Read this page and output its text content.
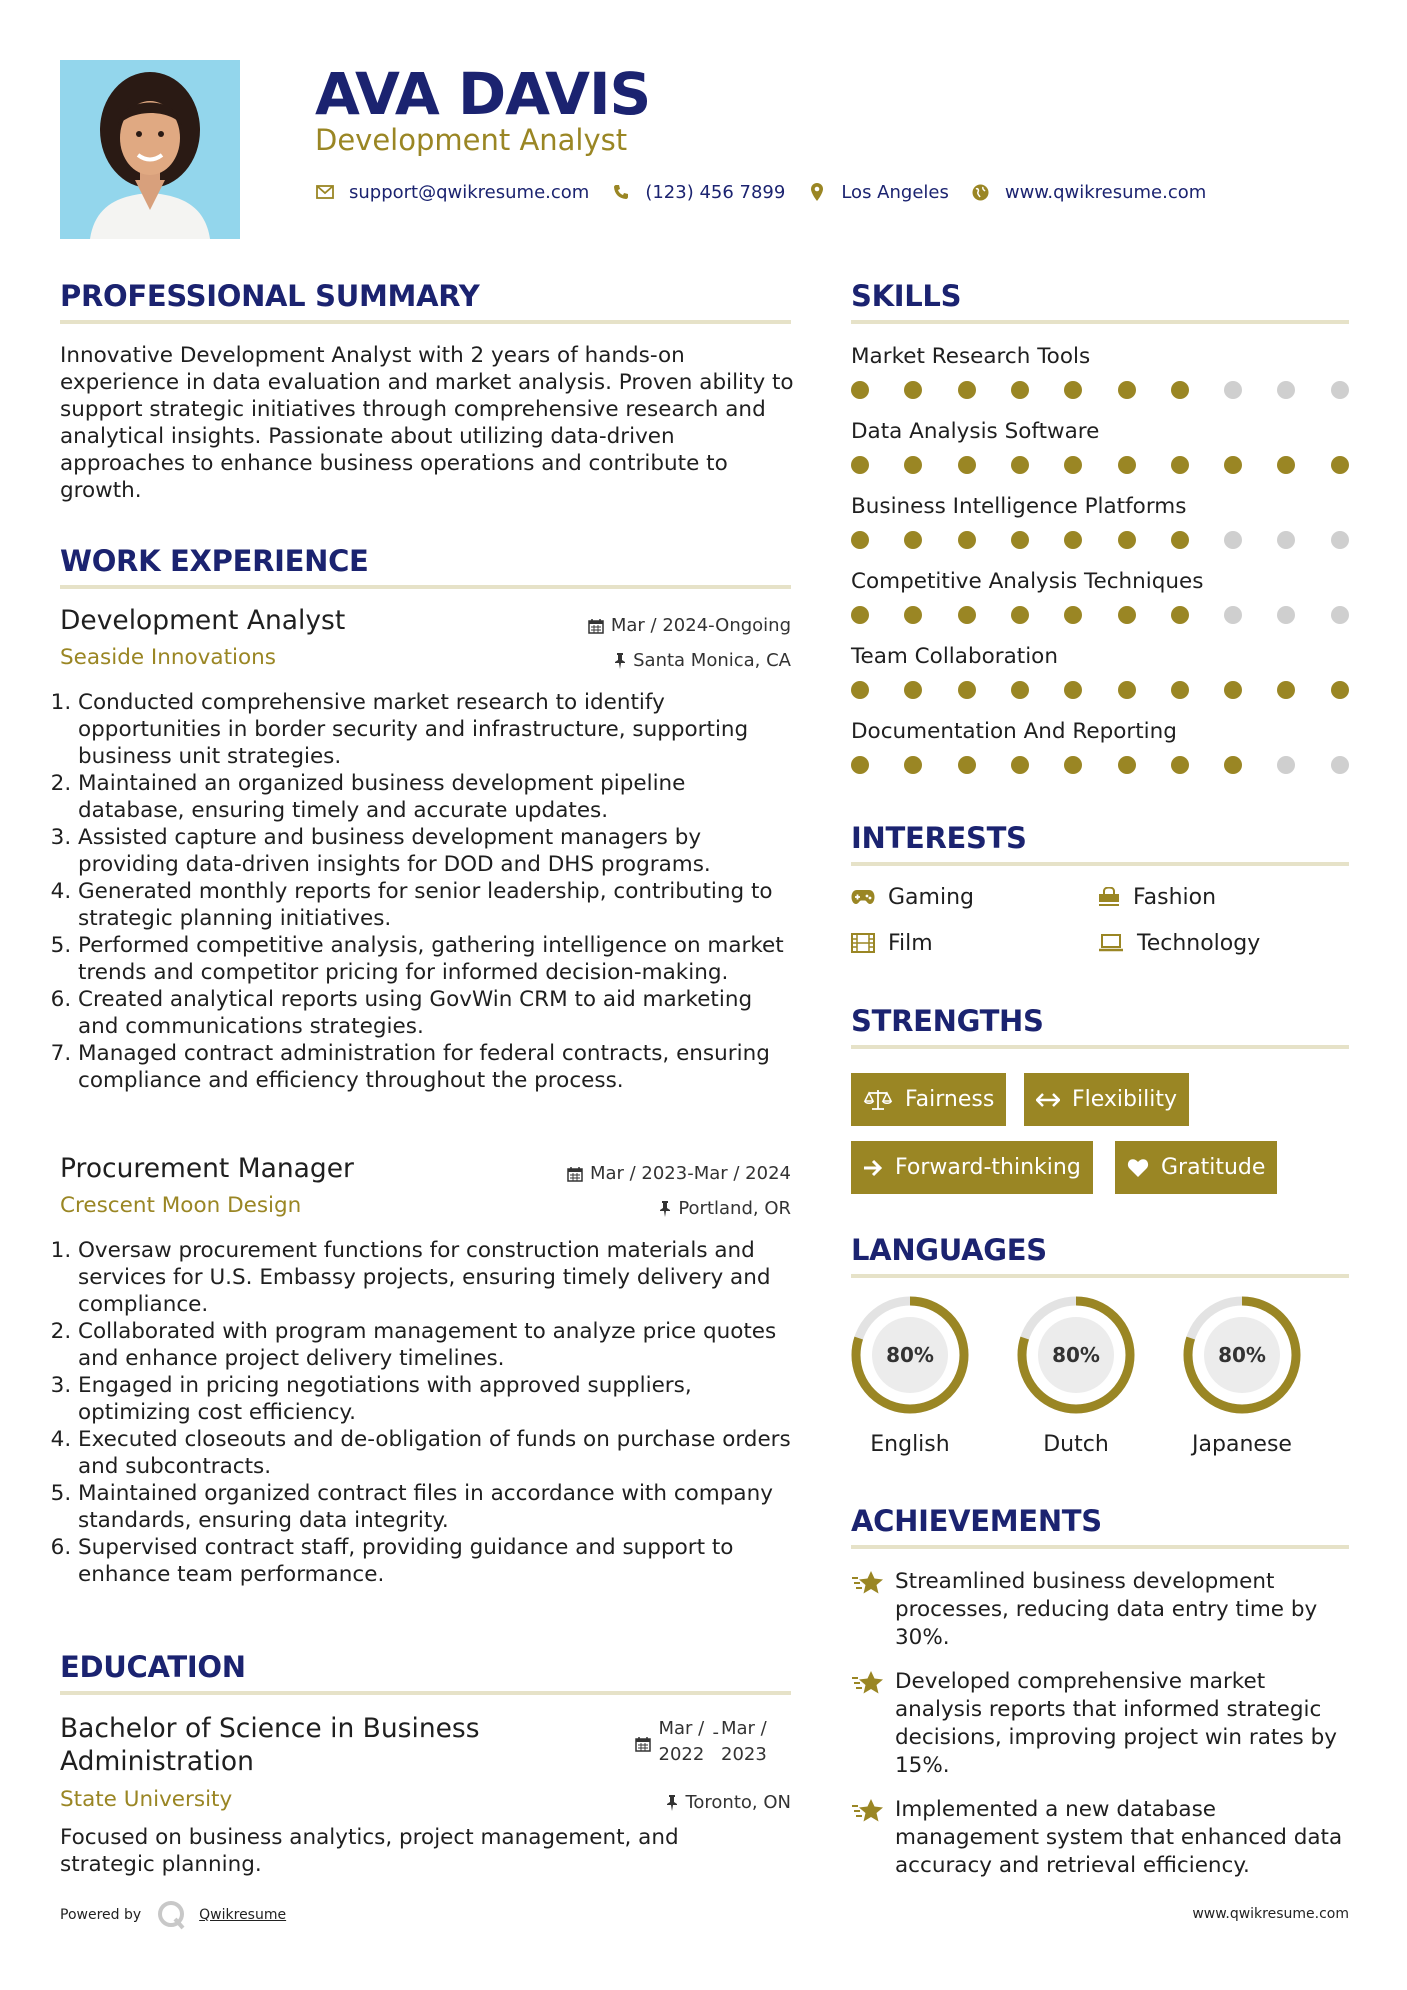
AVA DAVIS
Development Analyst
support@qwikresume.com	(123) 456 7899	Los Angeles	www.qwikresume.com
PROFESSIONAL SUMMARY
Innovative Development Analyst with 2 years of hands-on experience in data evaluation and market analysis. Proven ability to support strategic initiatives through comprehensive research and analytical insights. Passionate about utilizing data-driven approaches to enhance business operations and contribute to growth.
WORK EXPERIENCE
Development Analyst	Mar / 2024-Ongoing
Seaside Innovations	Santa Monica, CA
1. Conducted comprehensive market research to identify opportunities in border security and infrastructure, supporting business unit strategies.
2. Maintained an organized business development pipeline database, ensuring timely and accurate updates.
3. Assisted capture and business development managers by providing data-driven insights for DOD and DHS programs.
4. Generated monthly reports for senior leadership, contributing to strategic planning initiatives.
5. Performed competitive analysis, gathering intelligence on market trends and competitor pricing for informed decision-making.
6. Created analytical reports using GovWin CRM to aid marketing and communications strategies.
7. Managed contract administration for federal contracts, ensuring compliance and efficiency throughout the process.
Procurement Manager	Mar / 2023-Mar / 2024
Crescent Moon Design	Portland, OR
1. Oversaw procurement functions for construction materials and services for U.S. Embassy projects, ensuring timely delivery and compliance.
2. Collaborated with program management to analyze price quotes and enhance project delivery timelines.
3. Engaged in pricing negotiations with approved suppliers, optimizing cost efficiency.
4. Executed closeouts and de-obligation of funds on purchase orders and subcontracts.
5. Maintained organized contract files in accordance with company standards, ensuring data integrity.
6. Supervised contract staff, providing guidance and support to enhance team performance.
EDUCATION
Bachelor of Science in Business Administration
Mar / 2022
- Mar / 2023
State University	Toronto, ON
Focused on business analytics, project management, and strategic planning.
SKILLS
Market Research Tools
Data Analysis Software
Business Intelligence Platforms
Competitive Analysis Techniques
Team Collaboration
Documentation And Reporting
INTERESTS
Gaming	Fashion
Film	Technology
STRENGTHS
Fairness	Flexibility
Forward-thinking	Gratitude
LANGUAGES
80%
English
80%
Dutch
80%
Japanese
ACHIEVEMENTS
Streamlined business development processes, reducing data entry time by 30%.
Developed comprehensive market analysis reports that informed strategic decisions, improving project win rates by 15%.
Implemented a new database management system that enhanced data accuracy and retrieval efficiency.
Powered by	Qwikresume	www.qwikresume.com
